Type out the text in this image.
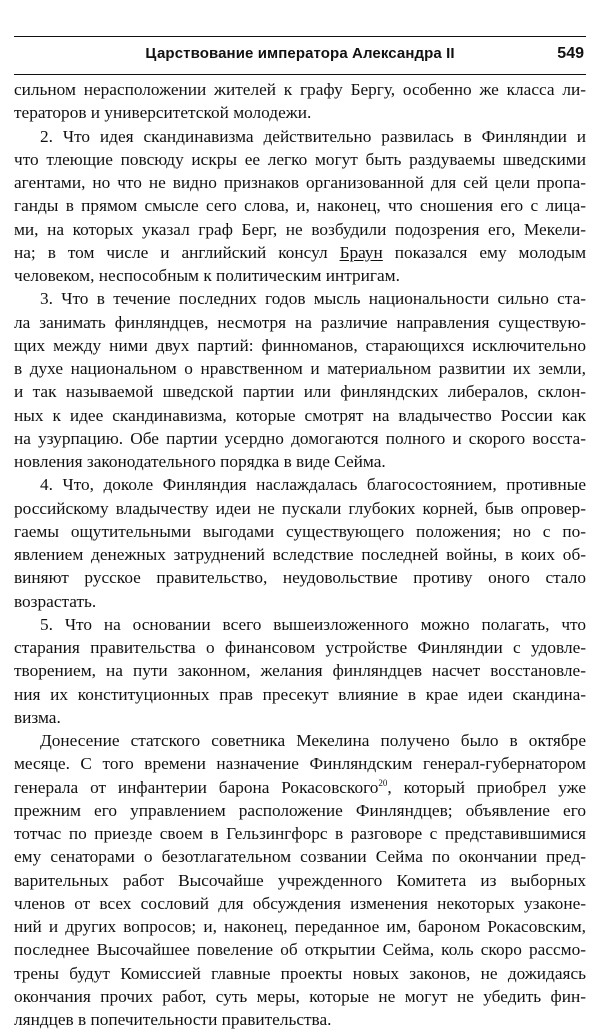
Царствование императора Александра II	549

сильном нерасположении жителей к графу Бергу, особенно же класса ли-
тераторов и университетской молодежи.

2. Что идея скандинавизма действительно развилась в Финляндии и
что тлеющие повсюду искры ее легко могут быть раздуваемы шведскими
агентами, но что не видно признаков организованной для сей цели пропа-
ганды в прямом смысле сего слова, и, наконец, что сношения его с лица-
ми, на которых указал граф Берг, не возбудили подозрения его, Мекели-
на; в том числе и английский консул Браун показался ему молодым
человеком, неспособным к политическим интригам.

3. Что в течение последних годов мысль национальности сильно ста-
ла занимать финляндцев, несмотря на различие направления существую-
щих между ними двух партий: финноманов, старающихся исключительно
в духе национальном о нравственном и материальном развитии их земли,
и так называемой шведской партии или финляндских либералов, склон-
ных к идее скандинавизма, которые смотрят на владычество России как
на узурпацию. Обе партии усердно домогаются полного и скорого восста-
новления законодательного порядка в виде Сейма.

4. Что, доколе Финляндия наслаждалась благосостоянием, противные
российскому владычеству идеи не пускали глубоких корней, быв опровер-
гаемы ощутительными выгодами существующего положения; но с по-
явлением денежных затруднений вследствие последней войны, в коих об-
виняют русское правительство, неудовольствие противу оного стало
возрастать.

5. Что на основании всего вышеизложенного можно полагать, что
старания правительства о финансовом устройстве Финляндии с удовле-
творением, на пути законном, желания финляндцев насчет восстановле-
ния их конституционных прав пресекут влияние в крае идеи скандина-
визма.

Донесение статского советника Мекелина получено было в октябре
месяце. С того времени назначение Финляндским генерал-губернатором
генерала от инфантерии барона Рокасовского$^{20}$, который приобрел уже
прежним его управлением расположение Финляндцев; объявление его
тотчас по приезде своем в Гельзингфорс в разговоре с представившимися
ему сенаторами о безотлагательном созвании Сейма по окончании пред-
варительных работ Высочайше учрежденного Комитета из выборных
членов от всех сословий для обсуждения изменения некоторых узаконе-
ний и других вопросов; и, наконец, переданное им, бароном Рокасовским,
последнее Высочайшее повеление об открытии Сейма, коль скоро рассмо-
трены будут Комиссией главные проекты новых законов, не дожидаясь
окончания прочих работ, суть меры, которые не могут не убедить фин-
ляндцев в попечительности правительства.
